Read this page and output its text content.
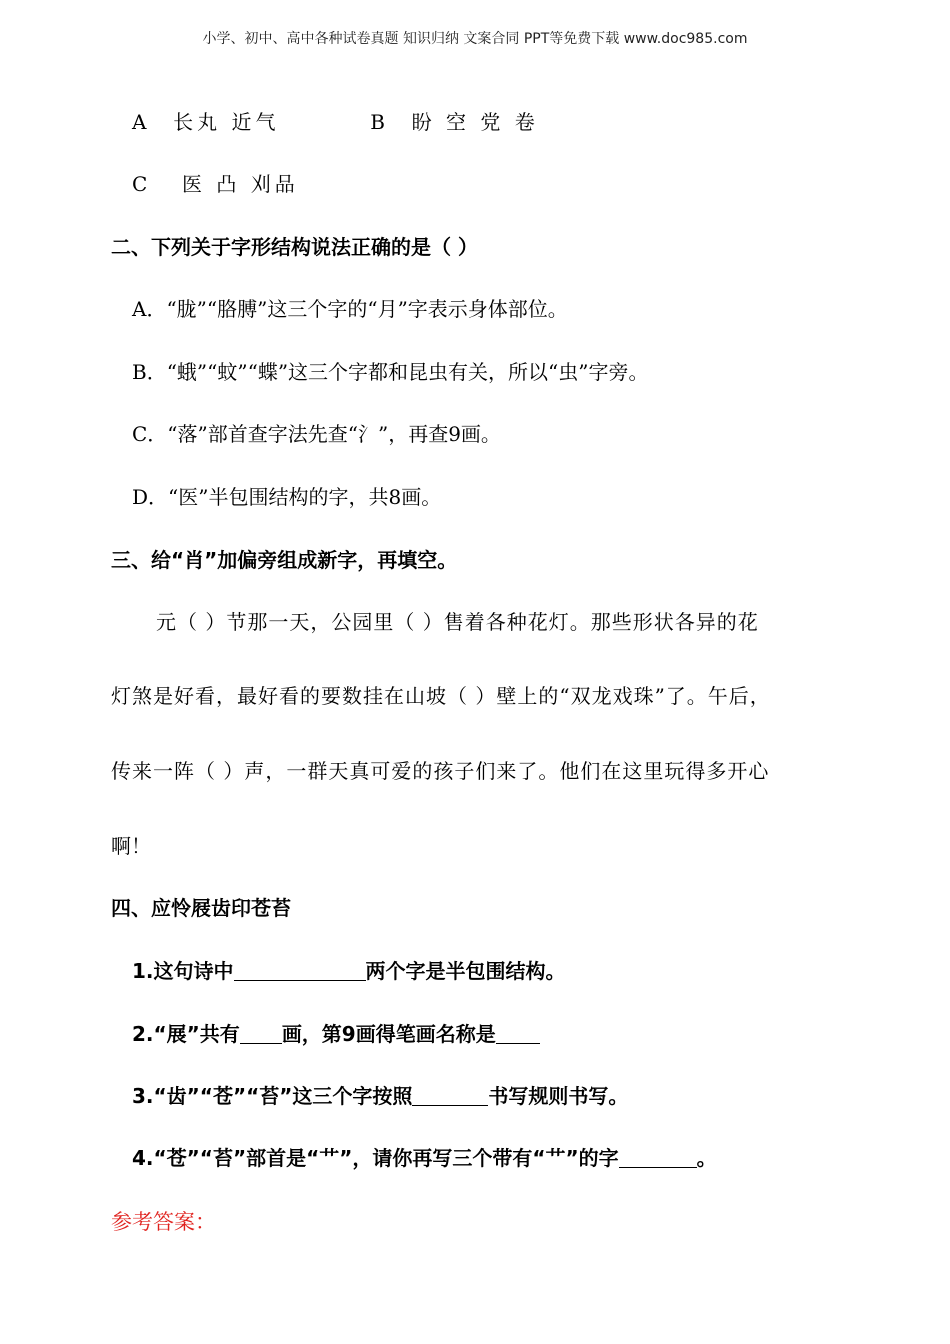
小学、初中、高中各种试卷真题 知识归纳 文案合同 PPT等免费下载 www.doc985.com
A 长丸 近气	B 盼 空 党 卷
C 医 凸 刈品
二、下列关于字形结构说法正确的是（ ）
A．“胧”“胳膊”这三个字的“月”字表示身体部位。
B．“蛾”“蚊”“蝶”这三个字都和昆虫有关，所以“虫”字旁。
C．“落”部首查字法先查“氵”，再查9画。
D．“医”半包围结构的字，共8画。
三、给“肖”加偏旁组成新字，再填空。
元（ ）节那一天，公园里（ ）售着各种花灯。那些形状各异的花
灯煞是好看，最好看的要数挂在山坡（ ）壁上的“双龙戏珠”了。午后，
传来一阵（ ）声，一群天真可爱的孩子们来了。他们在这里玩得多开心
啊！
四、应怜屐齿印苍苔
1.这句诗中	两个字是半包围结构。
2.“展”共有 画，第9画得笔画名称是
3.“齿”“苍”“苔”这三个字按照	书写规则书写。
4.“苍”“苔”部首是“艹”，请你再写三个带有“艹”的字	。
参考答案：
